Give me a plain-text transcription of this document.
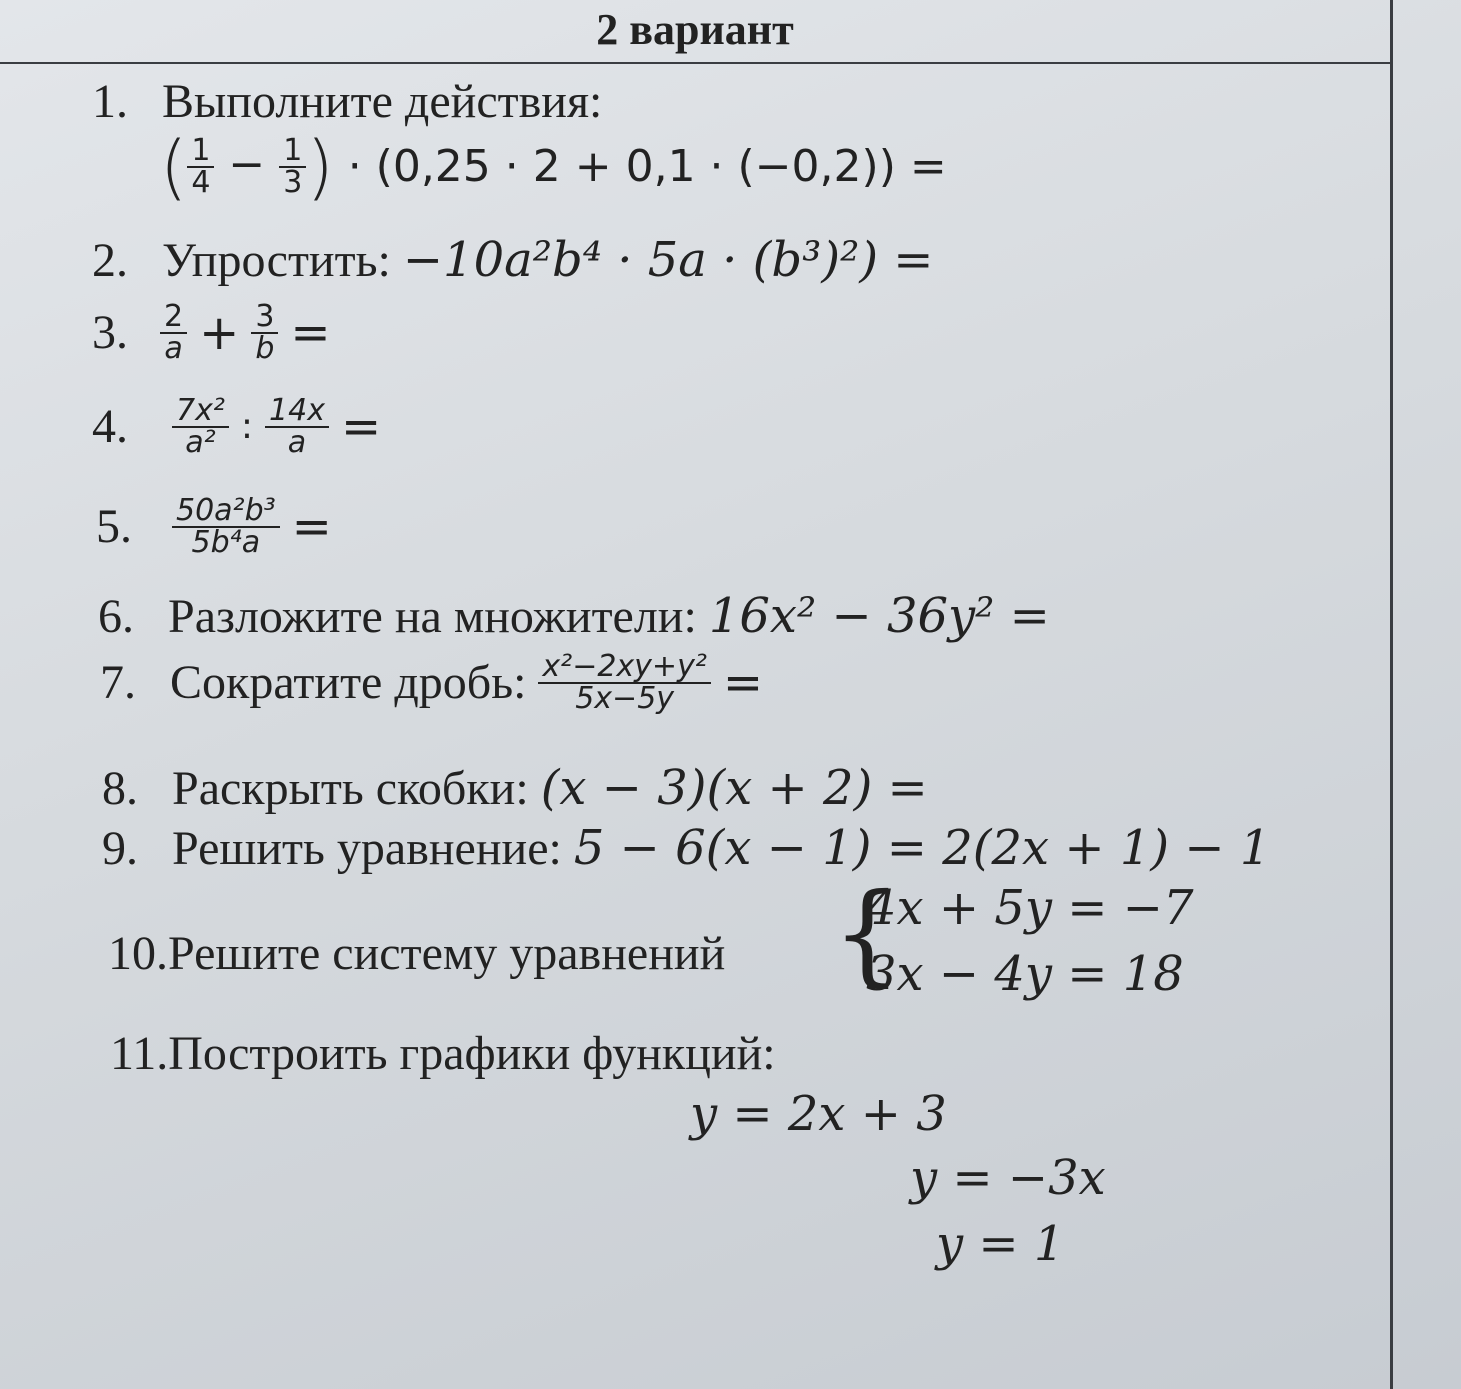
2 вариант
1. Выполните действия:
( $\frac{1}{4} - \frac{1}{3}$ ) · (0,25 · 2 + 0,1 · (−0,2)) =
2. Упростить: −10a²b⁴ · 5a · (b³)²) =
3. $\frac{2}{a} + \frac{3}{b}$ =
4. $\frac{\text{7x²}}{\text{a²}}$ : $\frac{14x}{a}$ =
5. $\frac{\text{50a²b³}}{\text{5b⁴a}}$ =
6. Разложите на множители: 16x² − 36y² =
7. Сократите дробь: $\frac{\text{x²−2xy+y²}}{5x-5y}$ =
8. Раскрыть скобки: (x − 3)(x + 2) =
9. Решить уравнение: 5 − 6(x − 1) = 2(2x + 1) − 1
10.Решите систему уравнений {
4x + 5y = −7
3x − 4y = 18
11.Построить графики функций:
y = 2x + 3
y = −3x
y = 1
